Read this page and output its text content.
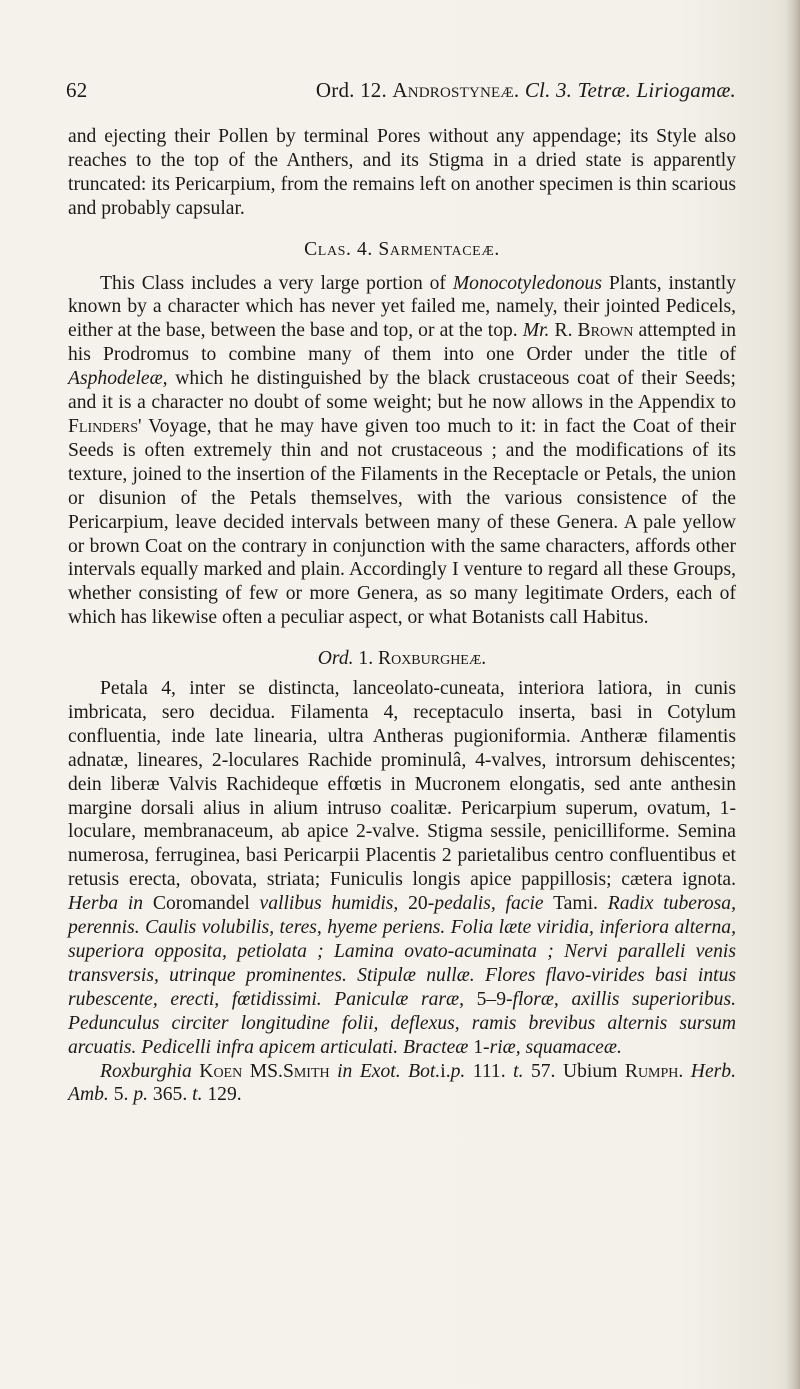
62	Ord. 12. Androstyneæ. Cl. 3. Tetræ. Liriogamæ.

and ejecting their Pollen by terminal Pores without any appendage; its Style also reaches to the top of the Anthers, and its Stigma in a dried state is apparently truncated: its Pericarpium, from the remains left on another specimen is thin scarious and probably capsular.

Clas. 4. Sarmentaceæ.

This Class includes a very large portion of Monocotyledonous Plants, instantly known by a character which has never yet failed me, namely, their jointed Pedicels, either at the base, between the base and top, or at the top. Mr. R. Brown attempted in his Prodromus to combine many of them into one Order under the title of Asphodeleæ, which he distinguished by the black crustaceous coat of their Seeds; and it is a character no doubt of some weight; but he now allows in the Appendix to Flinders' Voyage, that he may have given too much to it: in fact the Coat of their Seeds is often extremely thin and not crustaceous ; and the modifications of its texture, joined to the insertion of the Filaments in the Receptacle or Petals, the union or disunion of the Petals themselves, with the various consistence of the Pericarpium, leave decided intervals between many of these Genera. A pale yellow or brown Coat on the contrary in conjunction with the same characters, affords other intervals equally marked and plain. Accordingly I venture to regard all these Groups, whether consisting of few or more Genera, as so many legitimate Orders, each of which has likewise often a peculiar aspect, or what Botanists call Habitus.

Ord. 1. Roxburgheæ.

Petala 4, inter se distincta, lanceolato-cuneata, interiora latiora, in cunis imbricata, sero decidua. Filamenta 4, receptaculo inserta, basi in Cotylum confluentia, inde late linearia, ultra Antheras pugioniformia. Antheræ filamentis adnatæ, lineares, 2-loculares Rachide prominulâ, 4-valves, introrsum dehiscentes; dein liberæ Valvis Rachideque effœtis in Mucronem elongatis, sed ante anthesin margine dorsali alius in alium intruso coalitæ. Pericarpium superum, ovatum, 1-loculare, membranaceum, ab apice 2-valve. Stigma sessile, penicilliforme. Semina numerosa, ferruginea, basi Pericarpii Placentis 2 parietalibus centro confluentibus et retusis erecta, obovata, striata; Funiculis longis apice pappillosis; cætera ignota. Herba in Coromandel vallibus humidis, 20-pedalis, facie Tami. Radix tuberosa, perennis. Caulis volubilis, teres, hyeme periens. Folia læte viridia, inferiora alterna, superiora opposita, petiolata ; Lamina ovato-acuminata ; Nervi paralleli venis transversis, utrinque prominentes. Stipulæ nullæ. Flores flavo-virides basi intus rubescente, erecti, fœtidissimi. Paniculæ raræ, 5–9-floræ, axillis superioribus. Pedunculus circiter longitudine folii, deflexus, ramis brevibus alternis sursum arcuatis. Pedicelli infra apicem articulati. Bracteæ 1-riæ, squamaceæ.

Roxburghia Koen MS.Smith in Exot. Bot.i.p. 111. t. 57. Ubium Rumph. Herb. Amb. 5. p. 365. t. 129.
